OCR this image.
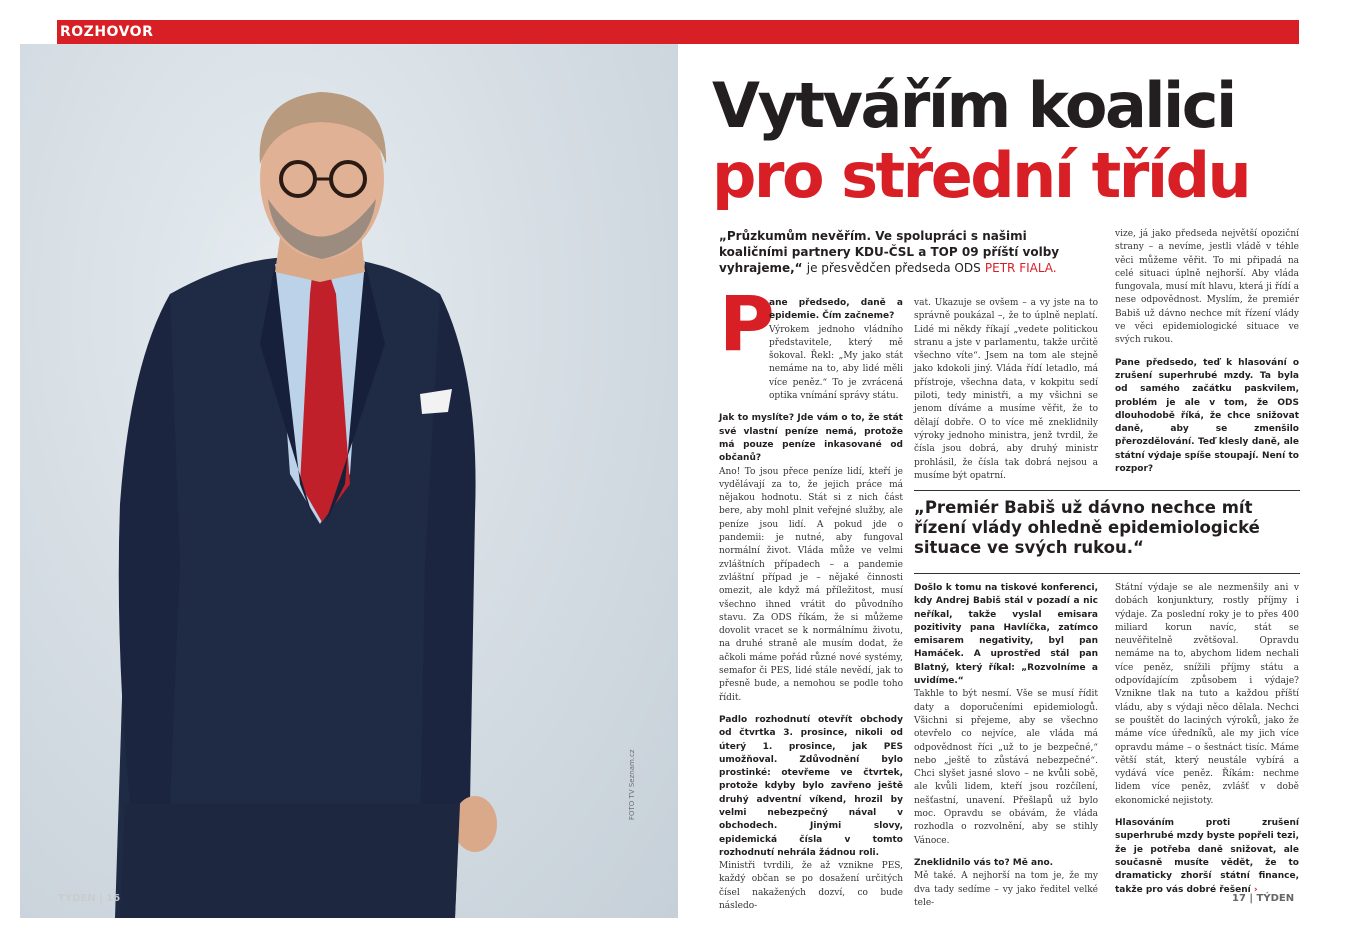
ROZHOVOR
FOTO TV Seznam.cz
TÝDEN | 16
Vytvářím koalici
pro střední třídu
„Průzkumům nevěřím. Ve spolupráci s našimi koaličními partnery KDU-ČSL a TOP 09 příští volby vyhrajeme,“ je přesvědčen předseda ODS PETR FIALA.
P

ane předsedo, daně a epidemie. Čím začneme?

Výrokem jednoho vládního představitele, který mě šokoval. Řekl: „My jako stát nemáme na to, aby lidé měli více peněz.“ To je zvrácená optika vnímání správy státu.

Jak to myslíte? Jde vám o to, že stát své vlastní peníze nemá, protože má pouze peníze inkasované od občanů?

Ano! To jsou přece peníze lidí, kteří je vydělávají za to, že jejich práce má nějakou hodnotu. Stát si z nich část bere, aby mohl plnit veřejné služby, ale peníze jsou lidí. A pokud jde o pandemii: je nutné, aby fungoval normální život. Vláda může ve velmi zvláštních případech – a pandemie zvláštní případ je – nějaké činnosti omezit, ale když má příležitost, musí všechno ihned vrátit do původního stavu. Za ODS říkám, že si můžeme dovolit vracet se k normálnímu životu, na druhé straně ale musím dodat, že ačkoli máme pořád různé nové systémy, semafor či PES, lidé stále nevědí, jak to přesně bude, a nemohou se podle toho řídit.

Padlo rozhodnutí otevřít obchody od čtvrtka 3. prosince, nikoli od úterý 1. prosince, jak PES umožňoval. Zdůvodnění bylo prostinké: otevřeme ve čtvrtek, protože kdyby bylo zavřeno ještě druhý adventní víkend, hrozil by velmi nebezpečný nával v obchodech. Jinými slovy, epidemická čísla v tomto rozhodnutí nehrála žádnou roli.

Ministři tvrdili, že až vznikne PES, každý občan se po dosažení určitých čísel nakažených dozví, co bude následo-

vat. Ukazuje se ovšem – a vy jste na to správně poukázal –, že to úplně neplatí. Lidé mi někdy říkají „vedete politickou stranu a jste v parlamentu, takže určitě všechno víte“. Jsem na tom ale stejně jako kdokoli jiný. Vláda řídí letadlo, má přístroje, všechna data, v kokpitu sedí piloti, tedy ministři, a my všichni se jenom díváme a musíme věřit, že to dělají dobře. O to více mě zneklidnily výroky jednoho ministra, jenž tvrdil, že čísla jsou dobrá, aby druhý ministr prohlásil, že čísla tak dobrá nejsou a musíme být opatrní.

vize, já jako předseda největší opoziční strany – a nevíme, jestli vládě v téhle věci můžeme věřit. To mi připadá na celé situaci úplně nejhorší. Aby vláda fungovala, musí mít hlavu, která ji řídí a nese odpovědnost. Myslím, že premiér Babiš už dávno nechce mít řízení vlády ve věci epidemiologické situace ve svých rukou.

Pane předsedo, teď k hlasování o zrušení superhrubé mzdy. Ta byla od samého začátku paskvilem, problém je ale v tom, že ODS dlouhodobě říká, že chce snižovat daně, aby se zmenšilo přerozdělování. Teď klesly daně, ale státní výdaje spíše stoupají. Není to rozpor?

„Premiér Babiš už dávno nechce mít řízení vlády ohledně epidemiologické situace ve svých rukou.“

Došlo k tomu na tiskové konferenci, kdy Andrej Babiš stál v pozadí a nic neříkal, takže vyslal emisara pozitivity pana Havlíčka, zatímco emisarem negativity, byl pan Hamáček. A uprostřed stál pan Blatný, který říkal: „Rozvolníme a uvidíme.“

Takhle to být nesmí. Vše se musí řídit daty a doporučeními epidemiologů. Všichni si přejeme, aby se všechno otevřelo co nejvíce, ale vláda má odpovědnost říci „už to je bezpečné,“ nebo „ještě to zůstává nebezpečné“. Chci slyšet jasné slovo – ne kvůli sobě, ale kvůli lidem, kteří jsou rozčílení, nešťastní, unavení. Přešlapů už bylo moc. Opravdu se obávám, že vláda rozhodla o rozvolnění, aby se stihly Vánoce.

Zneklidnilo vás to? Mě ano.

Mě také. A nejhorší na tom je, že my dva tady sedíme – vy jako ředitel velké tele-

Státní výdaje se ale nezmenšily ani v dobách konjunktury, rostly příjmy i výdaje. Za poslední roky je to přes 400 miliard korun navíc, stát se neuvěřitelně zvětšoval. Opravdu nemáme na to, abychom lidem nechali více peněz, snížili příjmy státu a odpovídajícím způsobem i výdaje? Vznikne tlak na tuto a každou příští vládu, aby s výdaji něco dělala. Nechci se pouštět do laciných výroků, jako že máme více úředníků, ale my jich více opravdu máme – o šestnáct tisíc. Máme větší stát, který neustále vybírá a vydává více peněz. Říkám: nechme lidem více peněz, zvlášť v době ekonomické nejistoty.

Hlasováním proti zrušení superhrubé mzdy byste popřeli tezi, že je potřeba daně snižovat, ale současně musíte vědět, že to dramaticky zhorší státní finance, takže pro vás dobré řešení ›

17 | TÝDEN
